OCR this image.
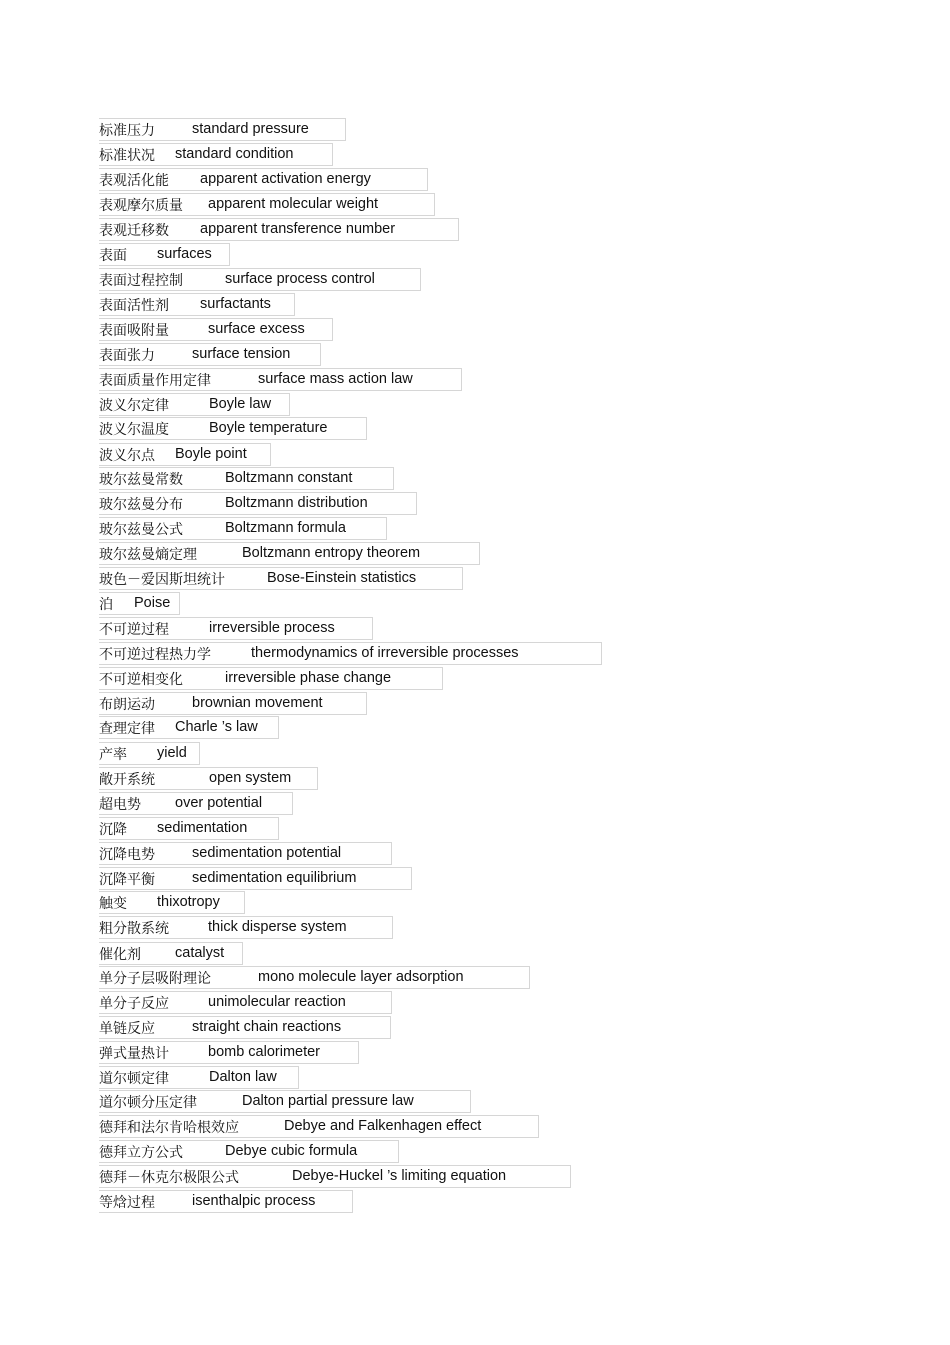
标准压力	standard pressure
标准状况 standard condition
表观活化能 apparent activation energy
表观摩尔质量 apparent molecular weight
表观迁移数 apparent transference number
表面 surfaces
表面过程控制	surface process control
表面活性剂 surfactants
表面吸附量	surface excess
表面张力	surface tension
表面质量作用定律	surface mass action law
波义尔定律	Boyle law
波义尔温度	Boyle temperature
波义尔点 Boyle point
玻尔兹曼常数	Boltzmann constant
玻尔兹曼分布	Boltzmann distribution
玻尔兹曼公式	Boltzmann formula
玻尔兹曼熵定理	Boltzmann entropy theorem
玻色－爱因斯坦统计	Bose-Einstein statistics
泊 Poise
不可逆过程	irreversible process
不可逆过程热力学	thermodynamics of irreversible processes
不可逆相变化	irreversible phase change
布朗运动	brownian movement
查理定律 Charle ’s law
产率 yield
敞开系统	open system
超电势 over potential
沉降 sedimentation
沉降电势	sedimentation potential
沉降平衡	sedimentation equilibrium
触变 thixotropy
粗分散系统	thick disperse system
催化剂 catalyst
单分子层吸附理论	mono molecule layer adsorption
单分子反应	unimolecular reaction
单链反应	straight chain reactions
弹式量热计	bomb calorimeter
道尔顿定律	Dalton law
道尔顿分压定律	Dalton partial pressure law
德拜和法尔肯哈根效应	Debye and Falkenhagen effect
德拜立方公式	Debye cubic formula
德拜－休克尔极限公式	Debye-Huckel ’s limiting equation
等焓过程	isenthalpic process
